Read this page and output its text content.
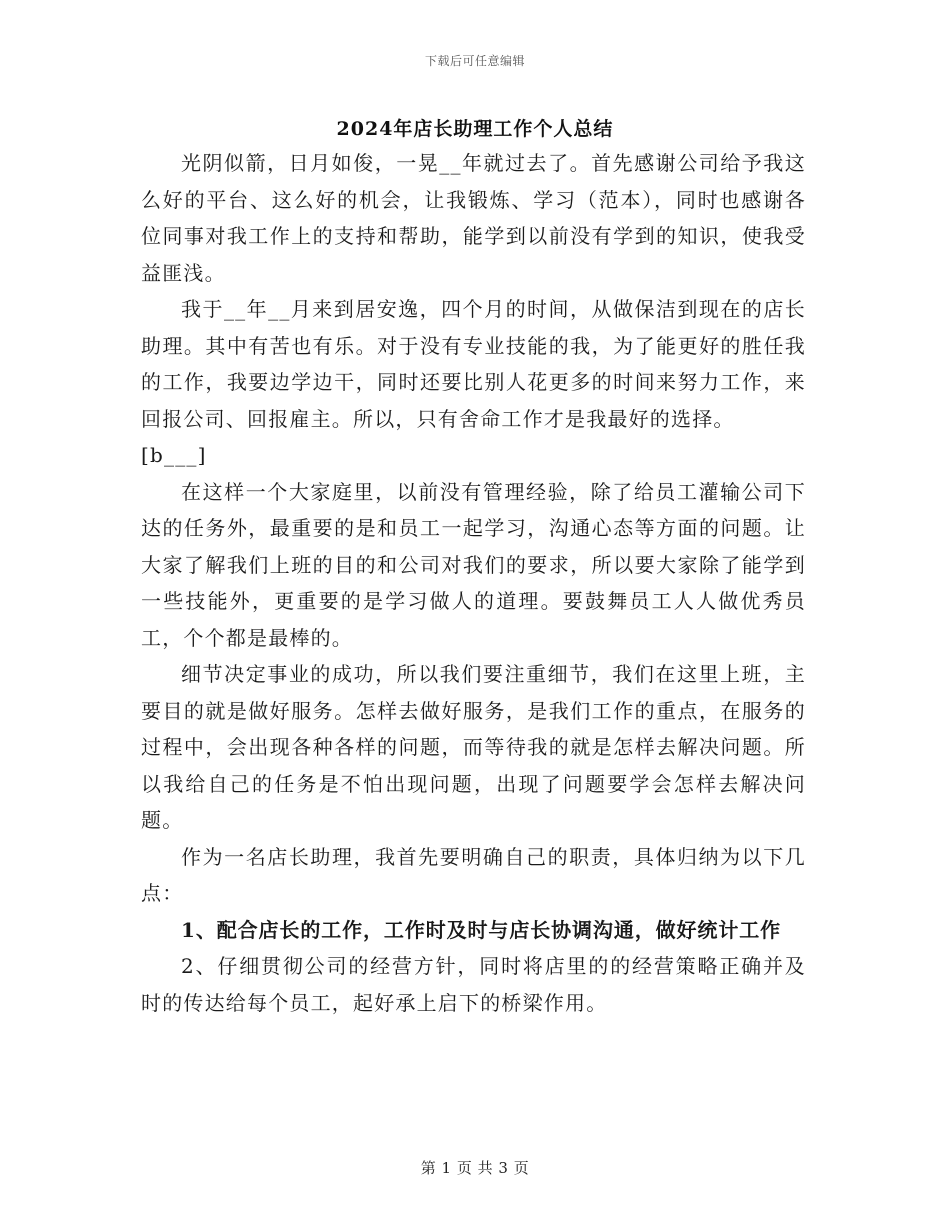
下载后可任意编辑
2024年店长助理工作个人总结

光阴似箭，日月如俊，一晃__年就过去了。首先感谢公司给予我这么好的平台、这么好的机会，让我锻炼、学习（范本），同时也感谢各位同事对我工作上的支持和帮助，能学到以前没有学到的知识，使我受益匪浅。

我于__年__月来到居安逸，四个月的时间，从做保洁到现在的店长助理。其中有苦也有乐。对于没有专业技能的我，为了能更好的胜任我的工作，我要边学边干，同时还要比别人花更多的时间来努力工作，来回报公司、回报雇主。所以，只有舍命工作才是我最好的选择。

[b___]

在这样一个大家庭里，以前没有管理经验，除了给员工灌输公司下达的任务外，最重要的是和员工一起学习，沟通心态等方面的问题。让大家了解我们上班的目的和公司对我们的要求，所以要大家除了能学到一些技能外，更重要的是学习做人的道理。要鼓舞员工人人做优秀员工，个个都是最棒的。

细节决定事业的成功，所以我们要注重细节，我们在这里上班，主要目的就是做好服务。怎样去做好服务，是我们工作的重点，在服务的过程中，会出现各种各样的问题，而等待我的就是怎样去解决问题。所以我给自己的任务是不怕出现问题，出现了问题要学会怎样去解决问题。

作为一名店长助理，我首先要明确自己的职责，具体归纳为以下几点：

1、配合店长的工作，工作时及时与店长协调沟通，做好统计工作

2、仔细贯彻公司的经营方针，同时将店里的的经营策略正确并及时的传达给每个员工，起好承上启下的桥梁作用。

第 1 页 共 3 页
